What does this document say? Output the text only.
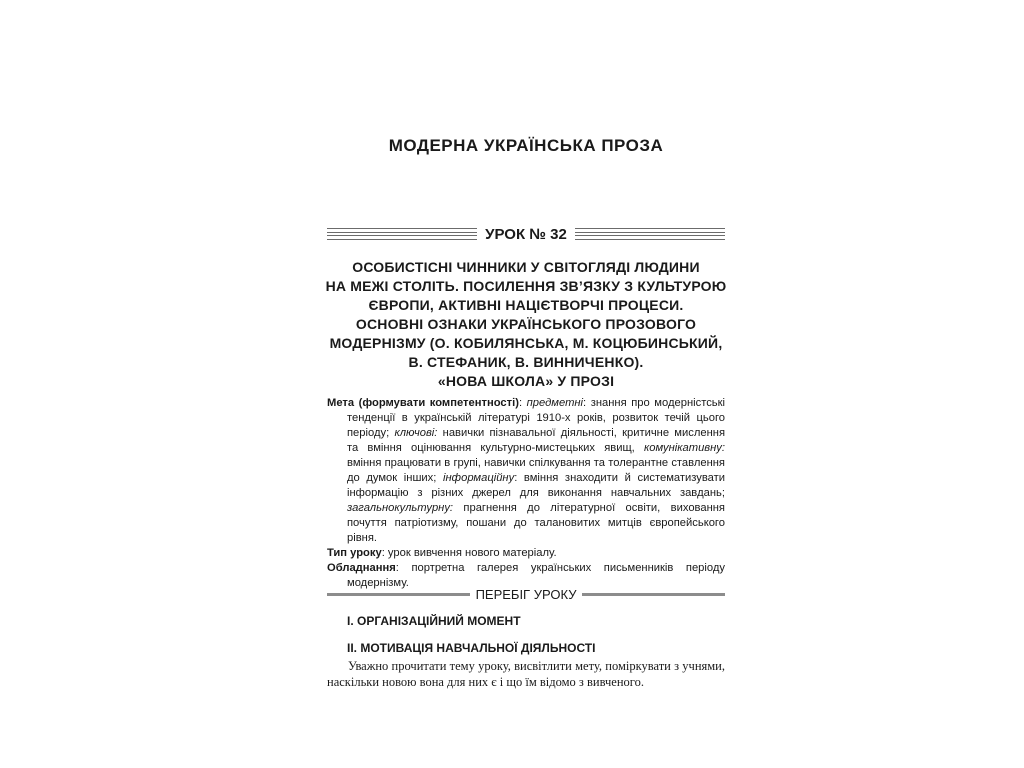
МОДЕРНА УКРАЇНСЬКА ПРОЗА
УРОК № 32
ОСОБИСТІСНІ ЧИННИКИ У СВІТОГЛЯДІ ЛЮДИНИ
НА МЕЖІ СТОЛІТЬ. ПОСИЛЕННЯ ЗВ’ЯЗКУ З КУЛЬТУРОЮ
ЄВРОПИ, АКТИВНІ НАЦІЄТВОРЧІ ПРОЦЕСИ.
ОСНОВНІ ОЗНАКИ УКРАЇНСЬКОГО ПРОЗОВОГО
МОДЕРНІЗМУ (О. КОБИЛЯНСЬКА, М. КОЦЮБИНСЬКИЙ,
В. СТЕФАНИК, В. ВИННИЧЕНКО).
«НОВА ШКОЛА» У ПРОЗІ

Мета (формувати компетентності): предметні: знання про модерністські тенденції в українській літературі 1910-х років, розвиток течій цього періоду; ключові: навички пізнавальної діяльності, критичне мислення та вміння оцінювання культурно-мистецьких явищ, комунікативну: вміння працювати в групі, навички спілкування та толерантне ставлення до думок інших; інформаційну: вміння знаходити й систематизувати інформацію з різних джерел для виконання навчальних завдань; загальнокультурну: прагнення до літературної освіти, виховання почуття патріотизму, пошани до талановитих митців європейського рівня.

Тип уроку: урок вивчення нового матеріалу.

Обладнання: портретна галерея українських письменників періоду модернізму.

ПЕРЕБІГ УРОКУ
І. ОРГАНІЗАЦІЙНИЙ МОМЕНТ
ІІ. МОТИВАЦІЯ НАВЧАЛЬНОЇ ДІЯЛЬНОСТІ

Уважно прочитати тему уроку, висвітлити мету, поміркувати з учнями, наскільки новою вона для них є і що їм відомо з вивченого.
